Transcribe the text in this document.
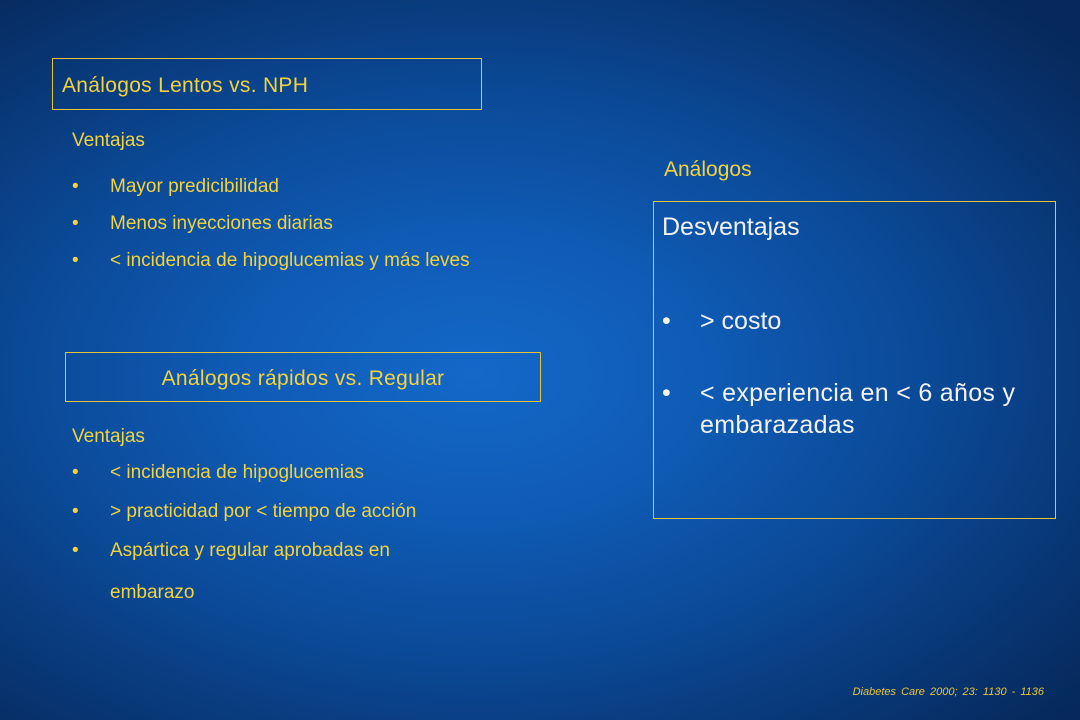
Análogos Lentos vs. NPH
Ventajas
• Mayor predicibilidad
• Menos inyecciones diarias
• < incidencia de hipoglucemias y más leves
Análogos rápidos vs. Regular
Ventajas
• < incidencia de hipoglucemias
• > practicidad por < tiempo de acción
• Aspártica y regular aprobadas en
embarazo
Análogos
Desventajas
• > costo
• < experiencia en < 6 años y embarazadas
Diabetes Care 2000; 23: 1130 - 1136
